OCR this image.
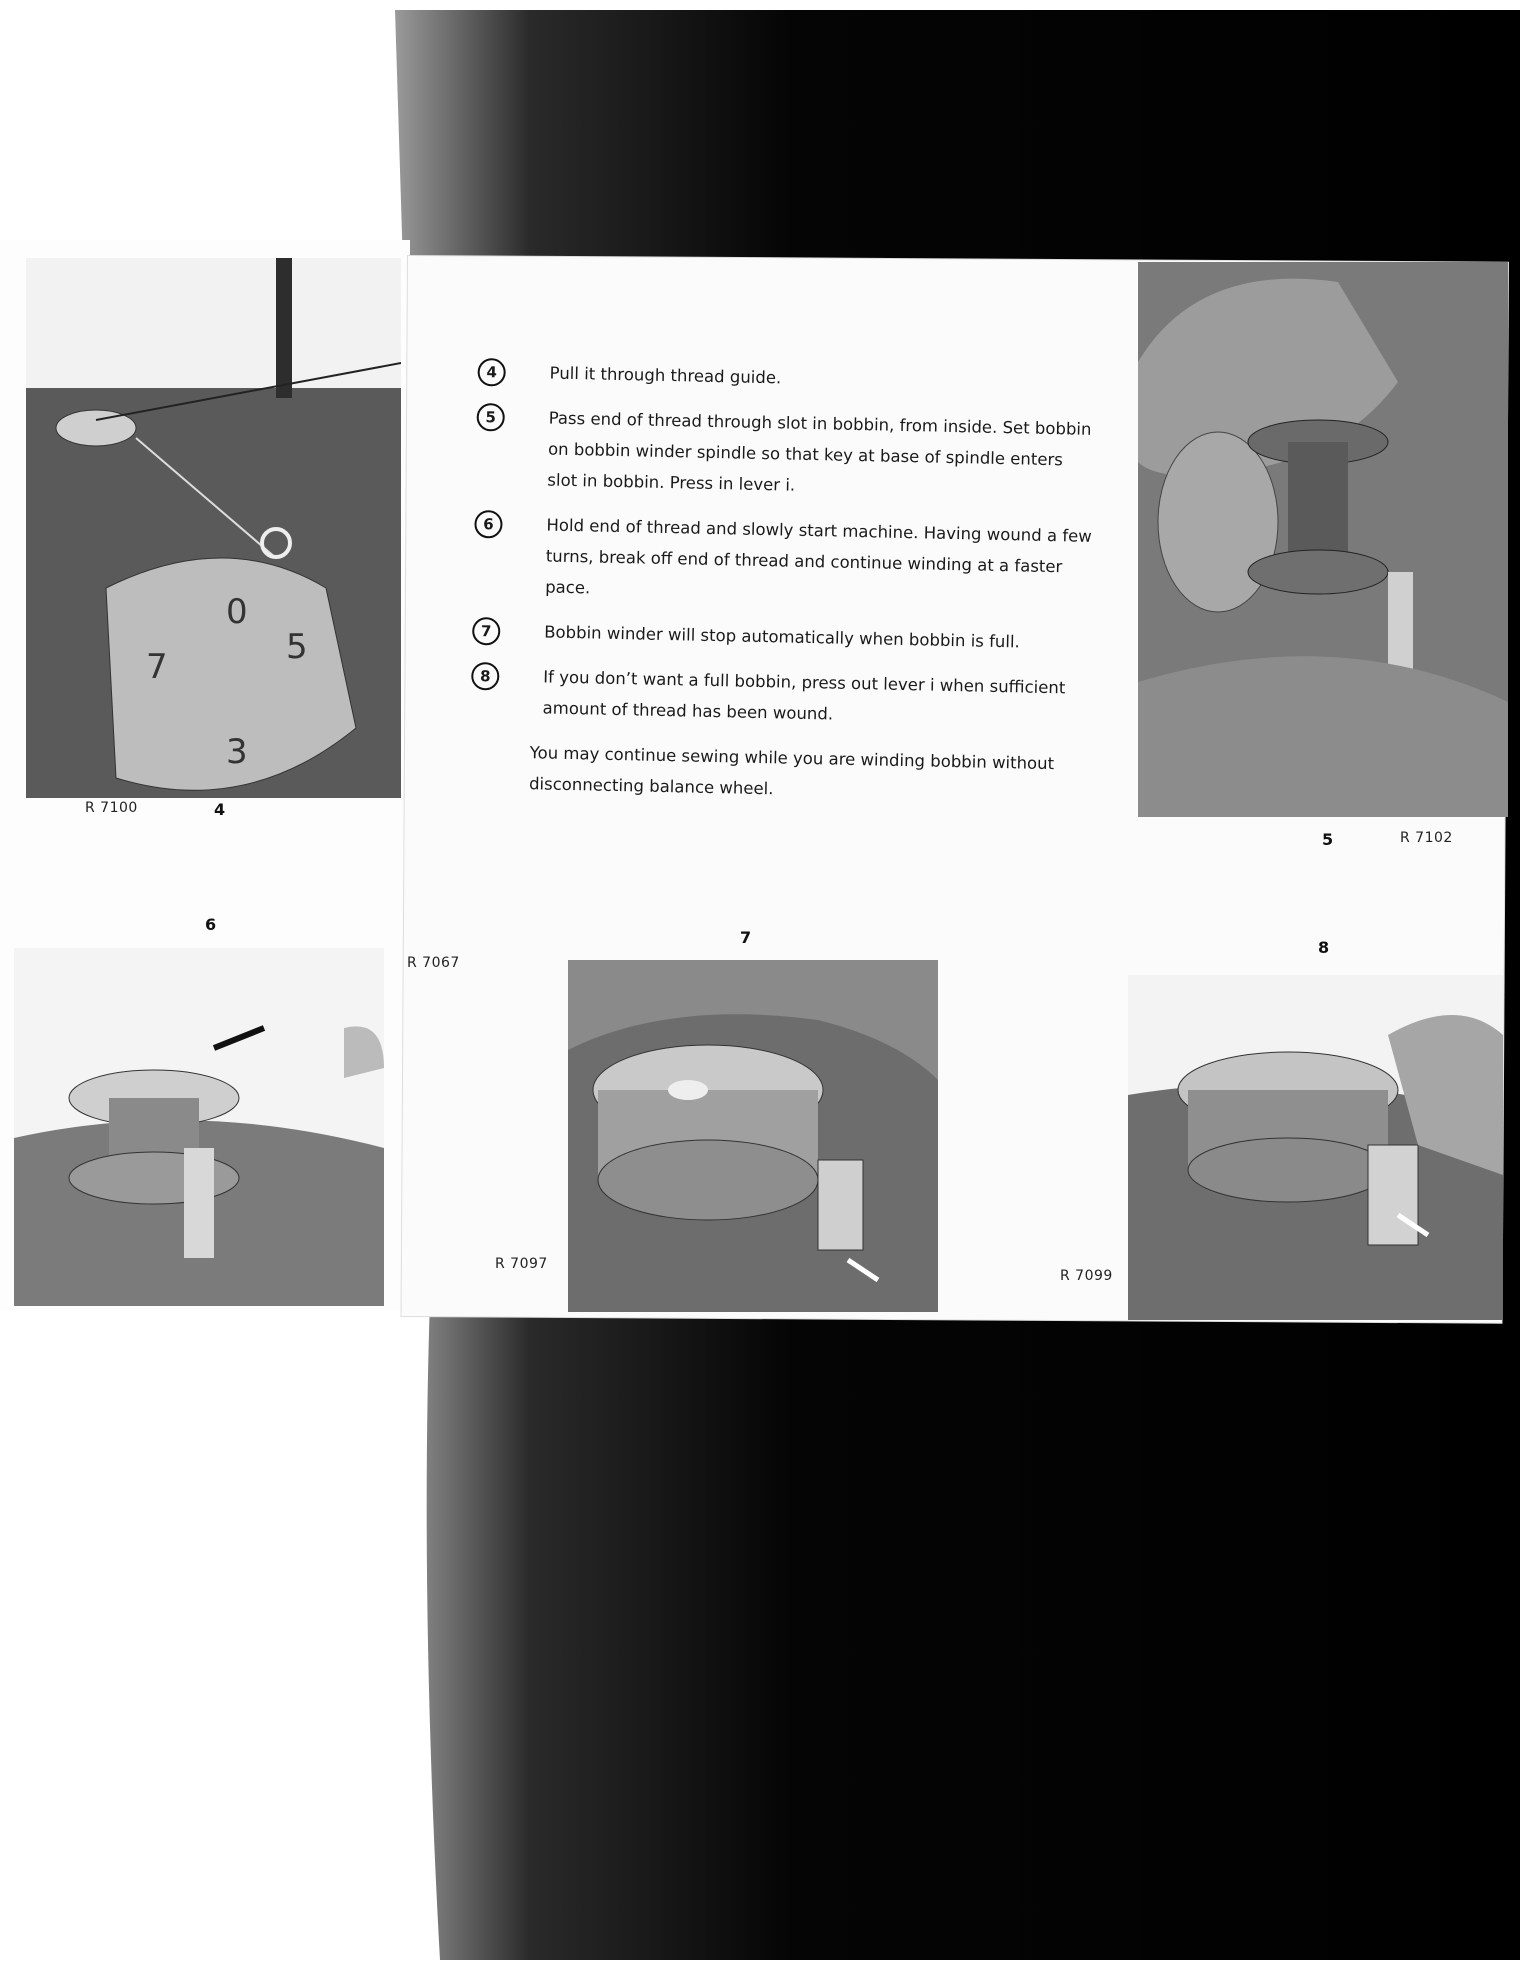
0
5
7
3
R 7100	4
4	Pull it through thread guide.
5	Pass end of thread through slot in bobbin, from inside. Set bobbin on bobbin winder spindle so that key at base of spindle enters slot in bobbin. Press in lever i.
6	Hold end of thread and slowly start machine. Having wound a few turns, break off end of thread and continue winding at a faster pace.
7	Bobbin winder will stop automatically when bobbin is full.
8	If you don’t want a full bobbin, press out lever i when sufficient amount of thread has been wound.
You may continue sewing while you are winding bobbin without disconnecting balance wheel.
5	R 7102
6
R 7067
7
R 7097
8
R 7099
